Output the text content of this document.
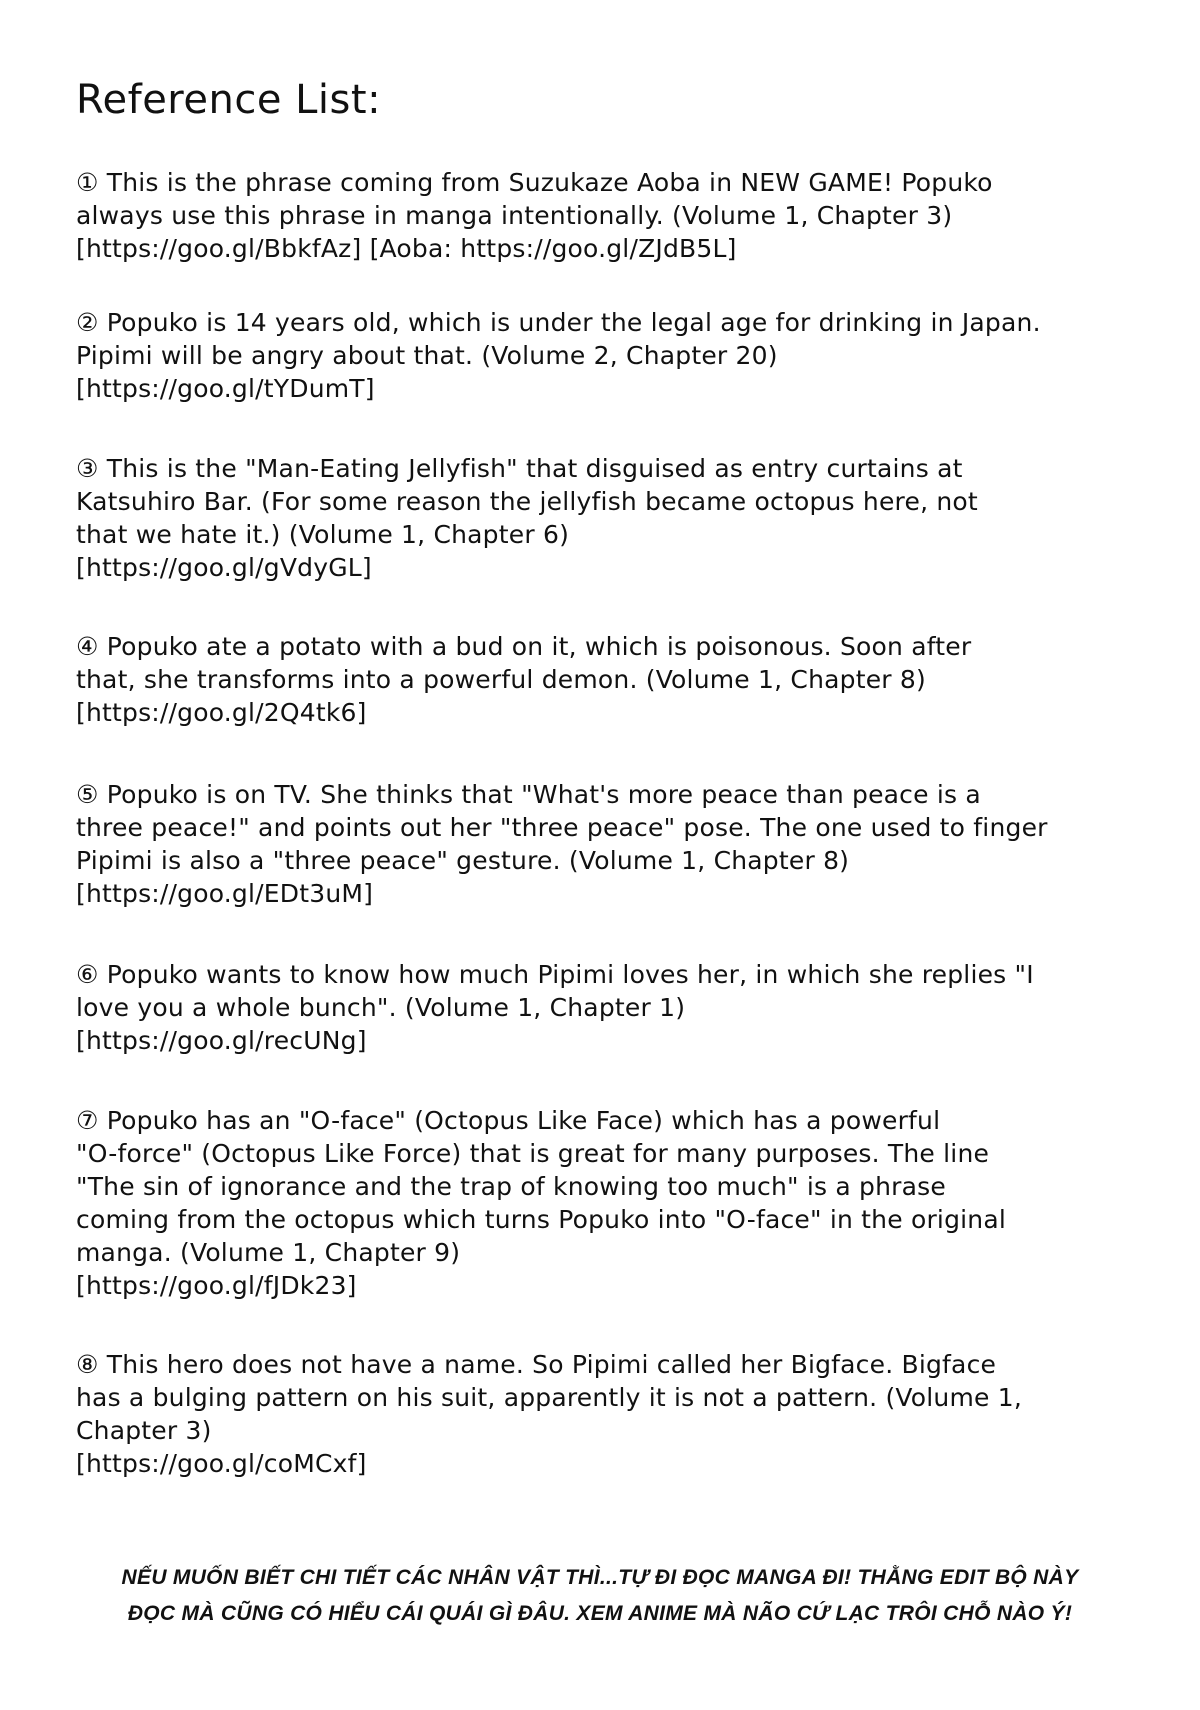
Reference List:
① This is the phrase coming from Suzukaze Aoba in NEW GAME! Popuko
always use this phrase in manga intentionally. (Volume 1, Chapter 3)
[https://goo.gl/BbkfAz] [Aoba: https://goo.gl/ZJdB5L]
② Popuko is 14 years old, which is under the legal age for drinking in Japan.
Pipimi will be angry about that. (Volume 2, Chapter 20)
[https://goo.gl/tYDumT]
③ This is the "Man-Eating Jellyfish" that disguised as entry curtains at
Katsuhiro Bar. (For some reason the jellyfish became octopus here, not
that we hate it.) (Volume 1, Chapter 6)
[https://goo.gl/gVdyGL]
④ Popuko ate a potato with a bud on it, which is poisonous. Soon after
that, she transforms into a powerful demon. (Volume 1, Chapter 8)
[https://goo.gl/2Q4tk6]
⑤ Popuko is on TV. She thinks that "What's more peace than peace is a
three peace!" and points out her "three peace" pose. The one used to finger
Pipimi is also a "three peace" gesture. (Volume 1, Chapter 8)
[https://goo.gl/EDt3uM]
⑥ Popuko wants to know how much Pipimi loves her, in which she replies "I
love you a whole bunch". (Volume 1, Chapter 1)
[https://goo.gl/recUNg]
⑦ Popuko has an "O-face" (Octopus Like Face) which has a powerful
"O-force" (Octopus Like Force) that is great for many purposes. The line
"The sin of ignorance and the trap of knowing too much" is a phrase
coming from the octopus which turns Popuko into "O-face" in the original
manga. (Volume 1, Chapter 9)
[https://goo.gl/fJDk23]
⑧ This hero does not have a name. So Pipimi called her Bigface. Bigface
has a bulging pattern on his suit, apparently it is not a pattern. (Volume 1,
Chapter 3)
[https://goo.gl/coMCxf]
NẾU MUỐN BIẾT CHI TIẾT CÁC NHÂN VẬT THÌ...TỰ ĐI ĐỌC MANGA ĐI! THẰNG EDIT BỘ NÀY
ĐỌC MÀ CŨNG CÓ HIỂU CÁI QUÁI GÌ ĐÂU. XEM ANIME MÀ NÃO CỨ LẠC TRÔI CHỖ NÀO Ý!
